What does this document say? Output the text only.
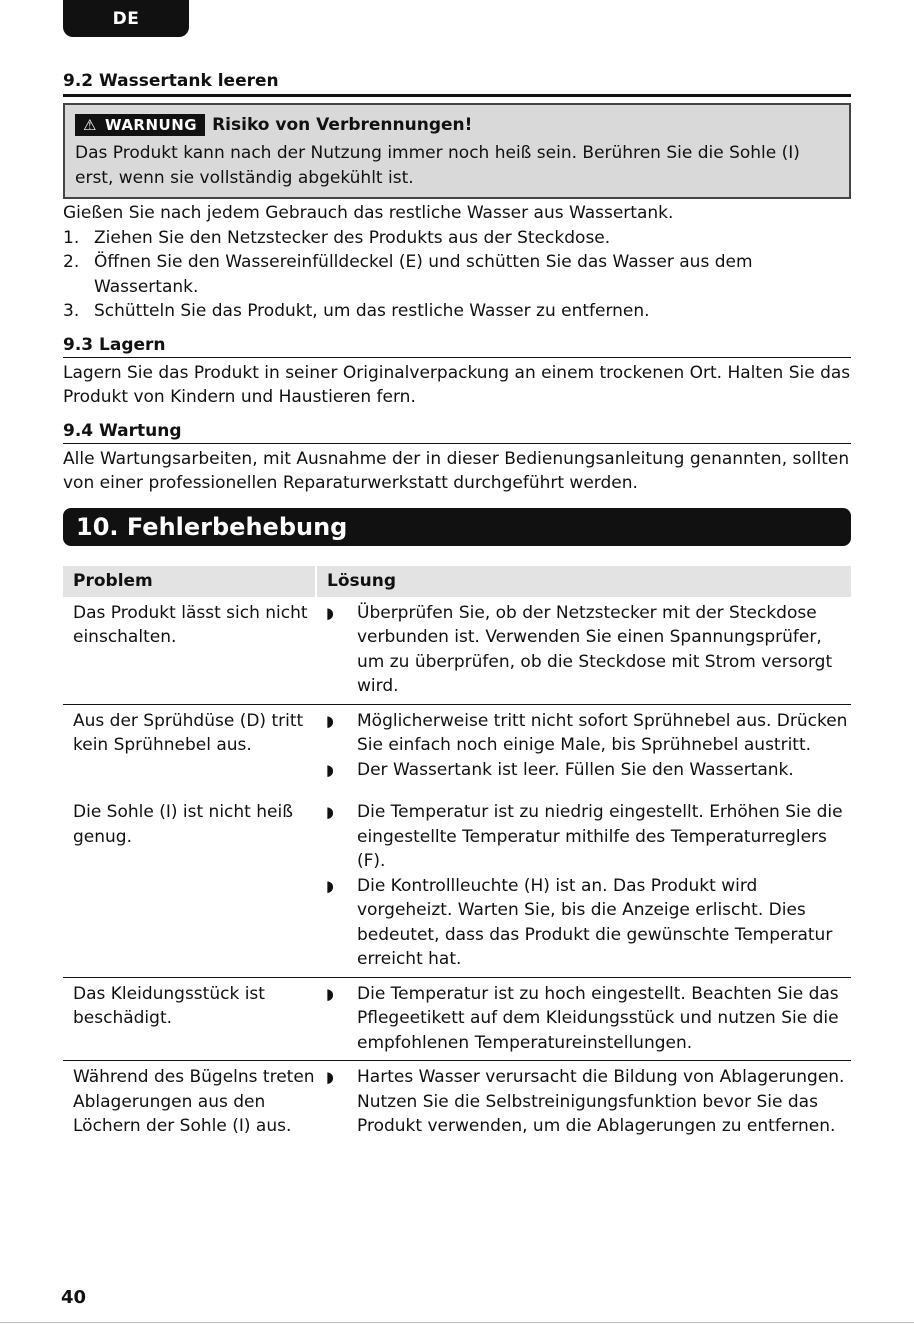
DE
9.2 Wassertank leeren
⚠ WARNUNG Risiko von Verbrennungen!
Das Produkt kann nach der Nutzung immer noch heiß sein. Berühren Sie die Sohle (I) erst, wenn sie vollständig abgekühlt ist.

Gießen Sie nach jedem Gebrauch das restliche Wasser aus Wassertank.

1. Ziehen Sie den Netzstecker des Produkts aus der Steckdose.
2. Öffnen Sie den Wassereinfülldeckel (E) und schütten Sie das Wasser aus dem Wassertank.
3. Schütteln Sie das Produkt, um das restliche Wasser zu entfernen.
9.3 Lagern

Lagern Sie das Produkt in seiner Originalverpackung an einem trockenen Ort. Halten Sie das Produkt von Kindern und Haustieren fern.

9.4 Wartung

Alle Wartungsarbeiten, mit Ausnahme der in dieser Bedienungsanleitung genannten, sollten von einer professionellen Reparaturwerkstatt durchgeführt werden.

10. Fehlerbehebung
Problem	Lösung
Das Produkt lässt sich nicht einschalten.	◗ Überprüfen Sie, ob der Netzstecker mit der Steckdose verbunden ist. Verwenden Sie einen Spannungsprüfer, um zu überprüfen, ob die Steckdose mit Strom versorgt wird.

Aus der Sprühdüse (D) tritt kein Sprühnebel aus.	◗ Möglicherweise tritt nicht sofort Sprühnebel aus. Drücken Sie einfach noch einige Male, bis Sprühnebel austritt.
◗ Der Wassertank ist leer. Füllen Sie den Wassertank.

Die Sohle (I) ist nicht heiß genug.	◗ Die Temperatur ist zu niedrig eingestellt. Erhöhen Sie die eingestellte Temperatur mithilfe des Temperaturreglers (F).
◗ Die Kontrollleuchte (H) ist an. Das Produkt wird vorgeheizt. Warten Sie, bis die Anzeige erlischt. Dies bedeutet, dass das Produkt die gewünschte Temperatur erreicht hat.

Das Kleidungsstück ist beschädigt.	◗ Die Temperatur ist zu hoch eingestellt. Beachten Sie das Pflegeetikett auf dem Kleidungsstück und nutzen Sie die empfohlenen Temperatureinstellungen.

Während des Bügelns treten Ablagerungen aus den Löchern der Sohle (I) aus.	◗ Hartes Wasser verursacht die Bildung von Ablagerungen. Nutzen Sie die Selbstreinigungsfunktion bevor Sie das Produkt verwenden, um die Ablagerungen zu entfernen.
40
